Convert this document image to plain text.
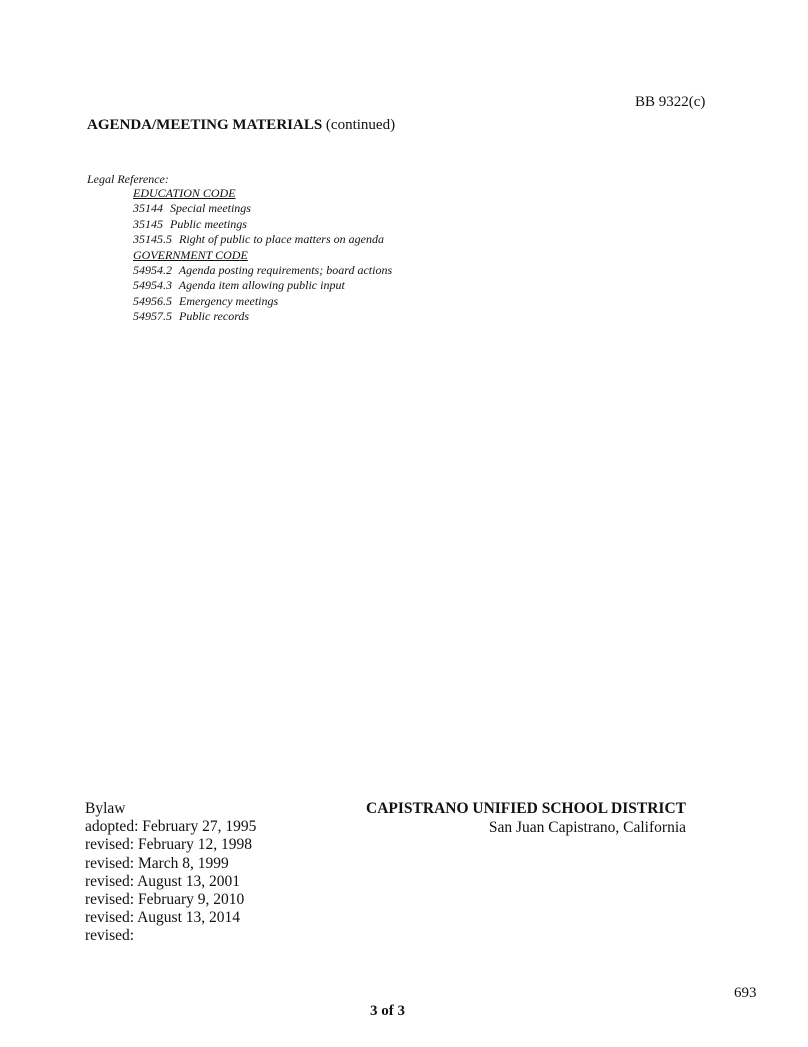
BB 9322(c)
AGENDA/MEETING MATERIALS (continued)
Legal Reference:
EDUCATION CODE
35144 Special meetings
35145 Public meetings
35145.5 Right of public to place matters on agenda
GOVERNMENT CODE
54954.2 Agenda posting requirements; board actions
54954.3 Agenda item allowing public input
54956.5 Emergency meetings
54957.5 Public records
Bylaw
adopted: February 27, 1995
revised: February 12, 1998
revised: March 8, 1999
revised: August 13, 2001
revised: February 9, 2010
revised: August 13, 2014
revised:
CAPISTRANO UNIFIED SCHOOL DISTRICT
San Juan Capistrano, California
693
3 of 3
